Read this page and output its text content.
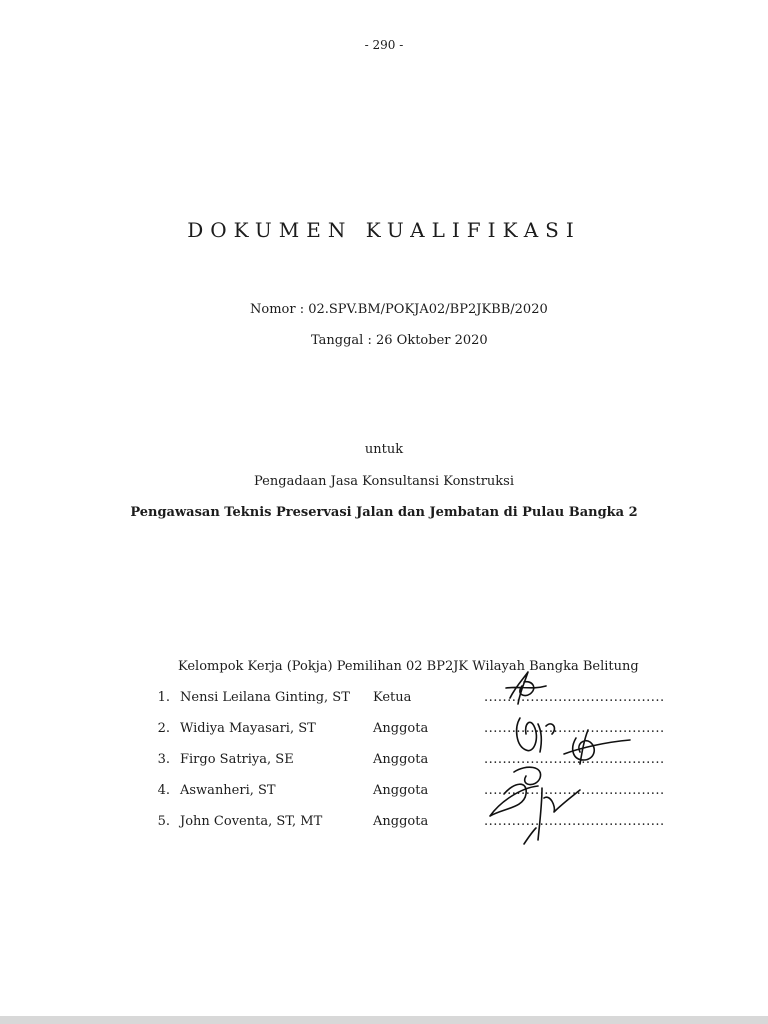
- 290 -
DOKUMEN KUALIFIKASI
Nomor : 02.SPV.BM/POKJA02/BP2JKBB/2020
Tanggal : 26 Oktober 2020
untuk
Pengadaan Jasa Konsultansi Konstruksi
Pengawasan Teknis Preservasi Jalan dan Jembatan di Pulau Bangka 2
Kelompok Kerja (Pokja) Pemilihan 02 BP2JK Wilayah Bangka Belitung
1. Nensi Leilana Ginting, ST Ketua	.......................................
2. Widiya Mayasari, ST	Anggota	.......................................
3. Firgo Satriya, SE	Anggota	.......................................
4. Aswanheri, ST	Anggota	.......................................
5. John Coventa, ST, MT	Anggota	.......................................
